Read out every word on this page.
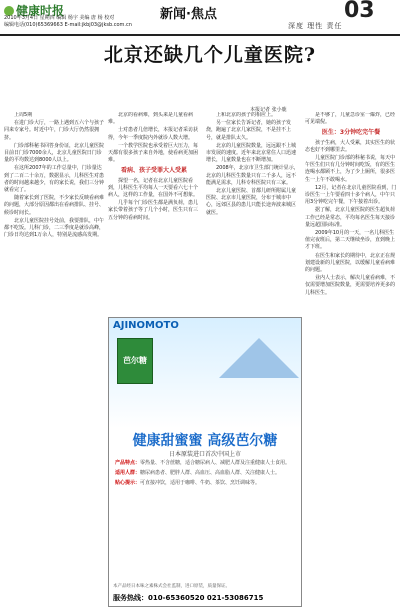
健康时报
2010年3月4日 星期四 编辑 杨宇 美编 唐 杨 校对
编辑电话(010)65369663 E-mail:jkbj03@jksb.com.cn
新闻·焦点
深度 理性 责任
03
北京还缺几个儿童医院?
本报记者 张小鹿

上周5期

在进门诊大厅，一路上遇到五六个与孩子同来专家号。时近中午，门诊大厅仍然很拥挤。

门诊部科秘书回答身份证，北京儿童医院目前日门诊7000余人，北京儿童医院日门诊量的平均数达到8000人以上。

在这所2007年的工作总量中，门诊量达到了二百二十余万，数据显示，儿科医生对患者的时间越来越少，有的家长说，我们三分钟就看完了。

随着家长到了医院，不少家长反映看病难的问题，大部分原因都出在看病排队、挂号、候诊时间长。

北京儿童医院挂号处前，我要排队，中午都不吃饭。儿科门诊，二三季度是就诊高峰，门诊日均达到1万余人，特别是流感高发期。

北京的看病难，到头来是儿童看病难。

士对患者几倍增长，本报记者采访获得，今年一季度院内外就诊人数大增。

一个教学医院也承受着巨大压力，每天都有很多孩子来自外地，使看病更加困难。

看病、孩子受罪大人受累

探望一名，记者在北京儿童医院看到，儿科医生平均每人一天要看六七十个病人，这样的工作量，在国外不可想象。

几乎每个门诊医生都是满负荷，患儿家长带着孩子等了几个小时，医生只有三五分钟的看病时间。

上和北京的孩子的相应上。

另一位家长告诉记者，她的孩子发烧，跑遍了北京几家医院，不是挂不上号，就是排队太久。

北京的儿童医院数量，远远跟不上城市发展的速度。近年来北京常住人口迅速增长，儿童数量也在不断增加。

2008年，北京市卫生部门统计显示，北京的儿科医生数量只有二千多人，远不能满足需求，儿科专科医院只有三家。

北京儿童医院、首都儿研所附属儿童医院、北京市儿童医院，分布于城市中心，远郊区县的患儿只能长途奔波来城区就医。

是不够了，儿童急诊室一爆炸，已经可见端倪。

医生：3分钟吃完午餐

孩子生病，大人受累，其实医生的状态也好不到哪里去。

儿童医院门诊部的科秘书说，每天中午医生们只有几分钟时间吃饭，有的医生连喝水都顾不上，为了少上厕所，很多医生一上午不敢喝水。

12月，记者在北京儿童医院看到，门诊医生一上午要看四十多个病人，中午只用3分钟吃完午餐，下午接着出诊。

据了解，北京儿童医院的医生超负荷工作已经是常态，平均每名医生每天接诊量远超国际标准。

2009年10月的一天，一名儿科医生值完夜班后，第二天继续坐诊，直到晚上才下班。

在医生和家长的期待中，北京正在规划建设新的儿童医院，以缓解儿童看病难的问题。

业内人士表示，解决儿童看病难，不仅需要增加医院数量，更需要培养更多的儿科医生。

AJINOMOTO
芭尔糖
健康甜蜜蜜 高级芭尔糖
日本原装进口首次中国上市
产品特点：零热量、不含蔗糖，适合糖尿病人、减肥人群及注重健康人士食用。
适用人群：糖尿病患者、肥胖人群、高血压、高血脂人群、关注健康人士。
贴心提示：可直接冲饮，适用于咖啡、牛奶、茶饮、烹饪调味等。
本产品经日本味之素株式会社监制，进口原装，质量保证。
服务热线：010-65360520 021-53086715
